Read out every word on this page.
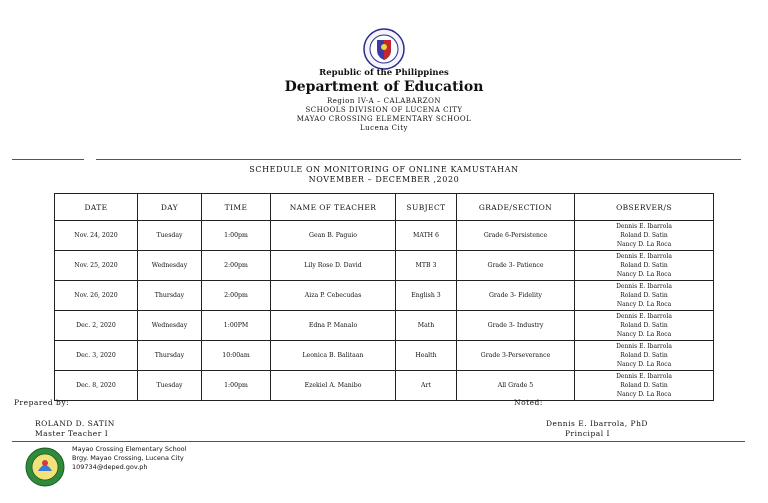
Republic of the Philippines
Department of Education
Region IV-A – CALABARZON
SCHOOLS DIVISION OF LUCENA CITY
MAYAO CROSSING ELEMENTARY SCHOOL
Lucena City
SCHEDULE ON MONITORING OF ONLINE KAMUSTAHAN
NOVEMBER – DECEMBER ,2020
DATE	DAY	TIME	NAME OF TEACHER	SUBJECT	GRADE/SECTION	OBSERVER/S
Nov. 24, 2020	Tuesday	1:00pm	Gean B. Paguio	MATH 6	Grade 6-Persistence	Dennis E. Ibarrola
Roland D. Satin
Nancy D. La Roca

Nov. 25, 2020	Wednesday	2:00pm	Lily Rose D. David	MTB 3	Grade 3- Patience	Dennis E. Ibarrola
Roland D. Satin
Nancy D. La Roca

Nov. 26, 2020	Thursday	2:00pm	Aiza P. Cebecudas	English 3	Grade 3- Fidelity	Dennis E. Ibarrola
Roland D. Satin
Nancy D. La Roca

Dec. 2, 2020	Wednesday	1:00PM	Edna P. Manalo	Math	Grade 3- Industry	Dennis E. Ibarrola
Roland D. Satin
Nancy D. La Roca

Dec. 3, 2020	Thursday	10:00am	Leonica B. Balitaan	Health	Grade 3-Perseverance	Dennis E. Ibarrola
Roland D. Satin
Nancy D. La Roca

Dec. 8, 2020	Tuesday	1:00pm	Ezekiel A. Manibo	Art	All Grade 5	Dennis E. Ibarrola
Roland D. Satin
Nancy D. La Roca
Prepared by:	Noted:
ROLAND D. SATIN
Master Teacher I
Dennis E. Ibarrola, PhD
Principal I
Mayao Crossing Elementary School
Brgy. Mayao Crossing, Lucena City
109734@deped.gov.ph
